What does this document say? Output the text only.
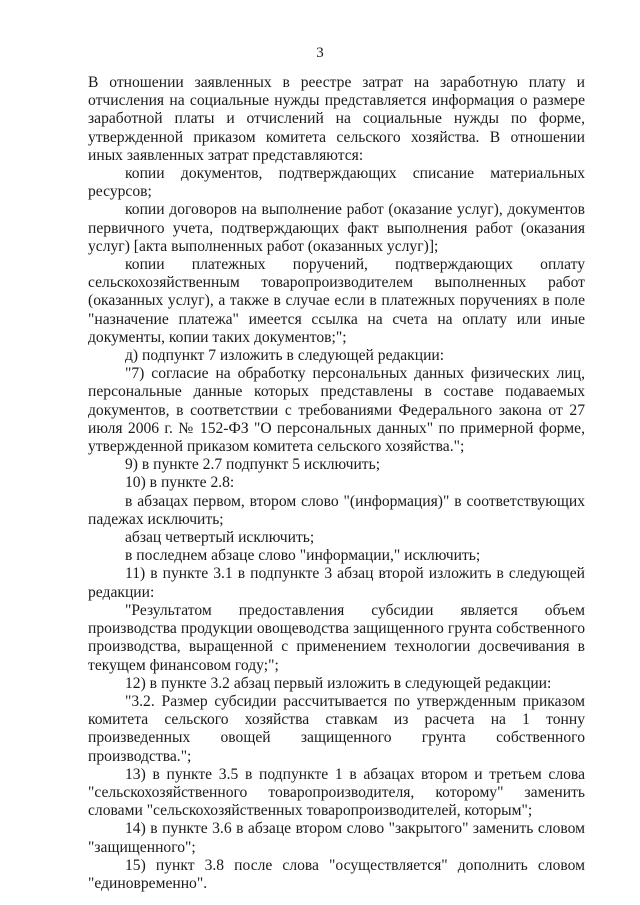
3

В отношении заявленных в реестре затрат на заработную плату и отчисления на социальные нужды представляется информация о размере заработной платы и отчислений на социальные нужды по форме, утвержденной приказом комитета сельского хозяйства. В отношении иных заявленных затрат представляются:

копии документов, подтверждающих списание материальных ресурсов;

копии договоров на выполнение работ (оказание услуг), документов первичного учета, подтверждающих факт выполнения работ (оказания услуг) [акта выполненных работ (оказанных услуг)];

копии платежных поручений, подтверждающих оплату сельскохозяйственным товаропроизводителем выполненных работ (оказанных услуг), а также в случае если в платежных поручениях в поле "назначение платежа" имеется ссылка на счета на оплату или иные документы, копии таких документов;";

д) подпункт 7 изложить в следующей редакции:

"7) согласие на обработку персональных данных физических лиц, персональные данные которых представлены в составе подаваемых документов, в соответствии с требованиями Федерального закона от 27 июля 2006 г. № 152-ФЗ "О персональных данных" по примерной форме, утвержденной приказом комитета сельского хозяйства.";

9) в пункте 2.7 подпункт 5 исключить;

10) в пункте 2.8:

в абзацах первом, втором слово "(информация)" в соответствующих падежах исключить;

абзац четвертый исключить;

в последнем абзаце слово "информации," исключить;

11) в пункте 3.1 в подпункте 3 абзац второй изложить в следующей редакции:

"Результатом предоставления субсидии является объем производства продукции овощеводства защищенного грунта собственного производства, выращенной с применением технологии досвечивания в текущем финансовом году;";

12) в пункте 3.2 абзац первый изложить в следующей редакции:

"3.2. Размер субсидии рассчитывается по утвержденным приказом комитета сельского хозяйства ставкам из расчета на 1 тонну произведенных овощей защищенного грунта собственного производства.";

13) в пункте 3.5 в подпункте 1 в абзацах втором и третьем слова "сельскохозяйственного товаропроизводителя, которому" заменить словами "сельскохозяйственных товаропроизводителей, которым";

14) в пункте 3.6 в абзаце втором слово "закрытого" заменить словом "защищенного";

15) пункт 3.8 после слова "осуществляется" дополнить словом "единовременно".
